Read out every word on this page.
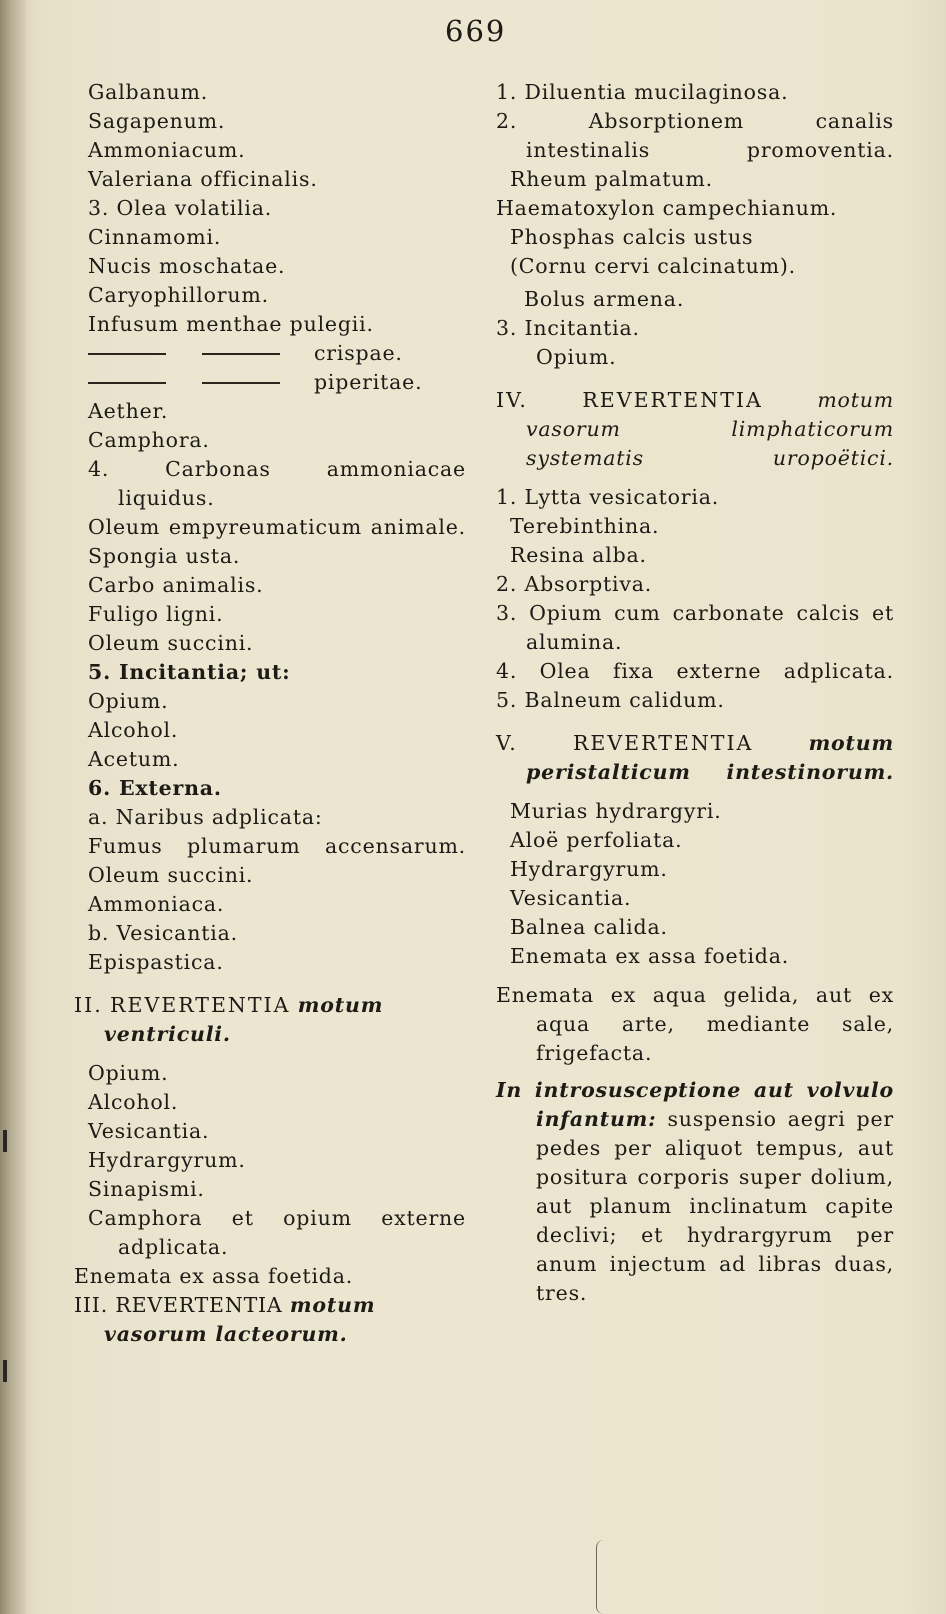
669
Galbanum.
Sagapenum.
Ammoniacum.
Valeriana officinalis.
3. Olea volatilia.
Cinnamomi.
Nucis moschatae.
Caryophillorum.
Infusum menthae pulegii.
crispae.
piperitae.
Aether.
Camphora.
4. Carbonas ammoniacae liquidus.
Oleum empyreumaticum animale.
Spongia usta.
Carbo animalis.
Fuligo ligni.
Oleum succini.
5. Incitantia; ut:
Opium.
Alcohol.
Acetum.
6. Externa.
a. Naribus adplicata:
Fumus plumarum accensarum.
Oleum succini.
Ammoniaca.
b. Vesicantia.
Epispastica.
II. REVERTENTIA motum ventriculi.
Opium.
Alcohol.
Vesicantia.
Hydrargyrum.
Sinapismi.
Camphora et opium externe adplicata.
Enemata ex assa foetida.
III. REVERTENTIA motum vasorum lacteorum.
1. Diluentia mucilaginosa.
2. Absorptionem canalis intestinalis promoventia.
Rheum palmatum.
Haematoxylon campechianum.
Phosphas calcis ustus
(Cornu cervi calcinatum).
Bolus armena.
3. Incitantia.
Opium.
IV.	REVERTENTIA	motum vasorum limphaticorum systematis uropoëtici.
1. Lytta vesicatoria.
Terebinthina.
Resina alba.
2. Absorptiva.
3. Opium cum carbonate calcis et alumina.
4. Olea fixa externe adplicata.
5. Balneum calidum.
V.	REVERTENTIA	motum peristalticum intestinorum.
Murias hydrargyri.
Aloë perfoliata.
Hydrargyrum.
Vesicantia.
Balnea calida.
Enemata ex assa foetida.
Enemata ex aqua gelida, aut ex aqua arte, mediante sale, frigefacta.
In introsusceptione aut volvulo infantum: suspensio aegri per pedes per aliquot tempus, aut positura corporis super dolium, aut planum inclinatum capite declivi; et hydrargyrum per anum injectum ad libras duas, tres.
